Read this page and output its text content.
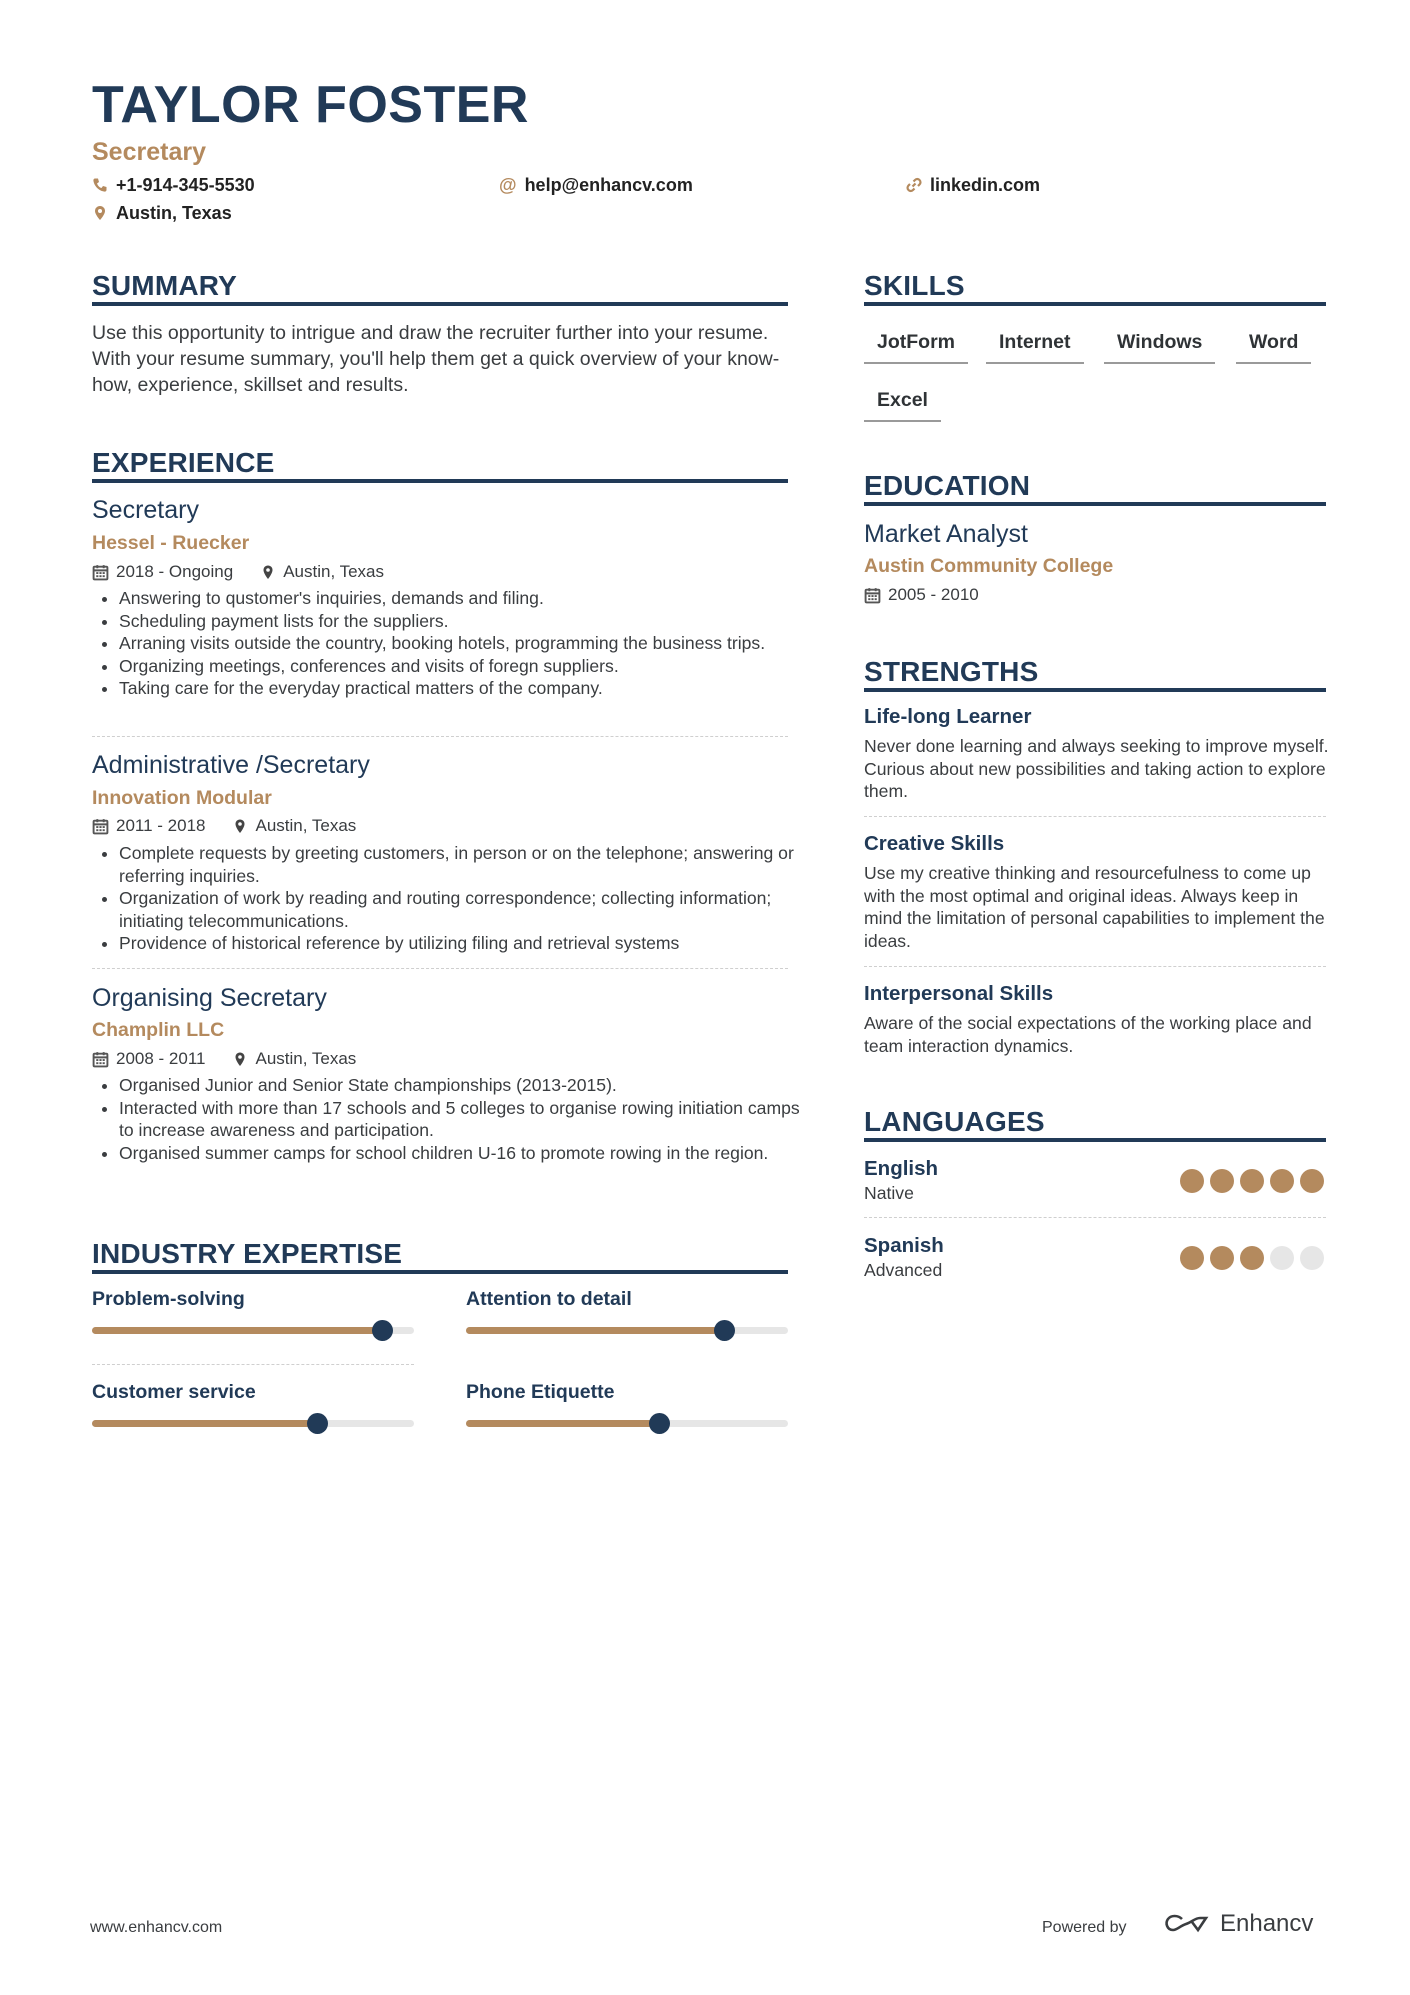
TAYLOR FOSTER
Secretary
+1-914-345-5530	@ help@enhancv.com	linkedin.com
Austin, Texas
SUMMARY
Use this opportunity to intrigue and draw the recruiter further into your resume. With your resume summary, you'll help them get a quick overview of your know-how, experience, skillset and results.
EXPERIENCE
Secretary
Hessel - Ruecker
2018 - Ongoing	Austin, Texas
• Answering to qustomer's inquiries, demands and filing.
• Scheduling payment lists for the suppliers.
• Arraning visits outside the country, booking hotels, programming the business trips.
• Organizing meetings, conferences and visits of foregn suppliers.
• Taking care for the everyday practical matters of the company.
Administrative /Secretary
Innovation Modular
2011 - 2018	Austin, Texas
• Complete requests by greeting customers, in person or on the telephone; answering or referring inquiries.
• Organization of work by reading and routing correspondence; collecting information; initiating telecommunications.
• Providence of historical reference by utilizing filing and retrieval systems
Organising Secretary
Champlin LLC
2008 - 2011	Austin, Texas
• Organised Junior and Senior State championships (2013-2015).
• Interacted with more than 17 schools and 5 colleges to organise rowing initiation camps to increase awareness and participation.
• Organised summer camps for school children U-16 to promote rowing in the region.
INDUSTRY EXPERTISE
Problem-solving	Attention to detail
Customer service	Phone Etiquette
SKILLS
JotForm	Internet	Windows	Word
Excel
EDUCATION
Market Analyst
Austin Community College
2005 - 2010
STRENGTHS
Life-long Learner
Never done learning and always seeking to improve myself. Curious about new possibilities and taking action to explore them.
Creative Skills
Use my creative thinking and resourcefulness to come up with the most optimal and original ideas. Always keep in mind the limitation of personal capabilities to implement the ideas.
Interpersonal Skills
Aware of the social expectations of the working place and team interaction dynamics.
LANGUAGES
English
Native
Spanish
Advanced
www.enhancv.com	Powered by	Enhancv
